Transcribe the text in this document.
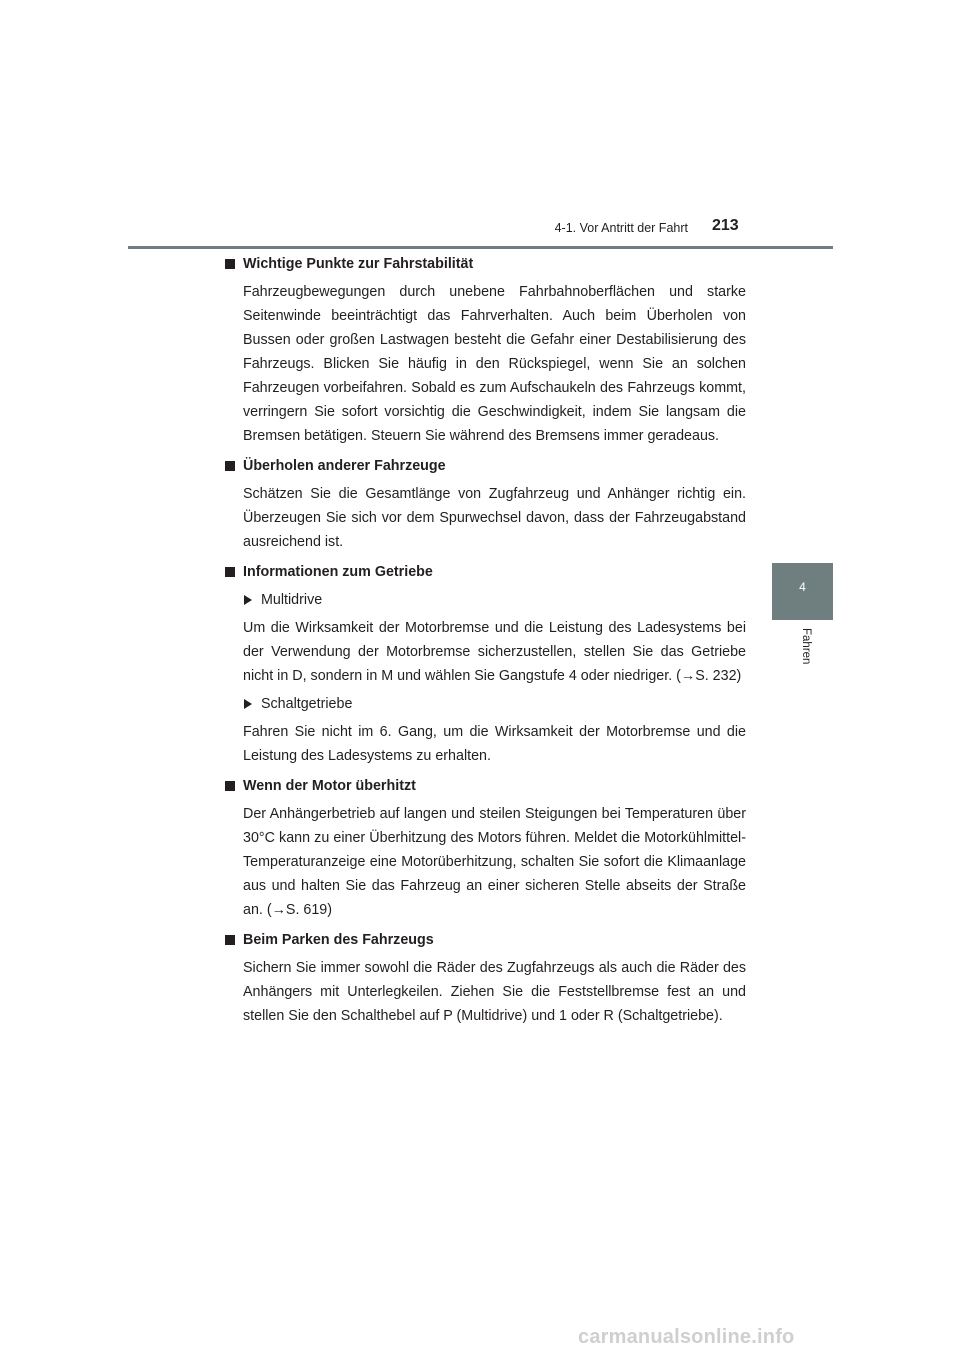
4-1. Vor Antritt der Fahrt 213
4
Fahren
Wichtige Punkte zur Fahrstabilität
Fahrzeugbewegungen durch unebene Fahrbahnoberflächen und starke Seitenwinde beeinträchtigt das Fahrverhalten. Auch beim Überholen von Bussen oder großen Lastwagen besteht die Gefahr einer Destabilisierung des Fahrzeugs. Blicken Sie häufig in den Rückspiegel, wenn Sie an solchen Fahrzeugen vorbeifahren. Sobald es zum Aufschaukeln des Fahrzeugs kommt, verringern Sie sofort vorsichtig die Geschwindigkeit, indem Sie langsam die Bremsen betätigen. Steuern Sie während des Bremsens immer geradeaus.
Überholen anderer Fahrzeuge
Schätzen Sie die Gesamtlänge von Zugfahrzeug und Anhänger richtig ein. Überzeugen Sie sich vor dem Spurwechsel davon, dass der Fahrzeugabstand ausreichend ist.
Informationen zum Getriebe
Multidrive
Um die Wirksamkeit der Motorbremse und die Leistung des Ladesystems bei der Verwendung der Motorbremse sicherzustellen, stellen Sie das Getriebe nicht in D, sondern in M und wählen Sie Gangstufe 4 oder niedriger. (→S. 232)
Schaltgetriebe
Fahren Sie nicht im 6. Gang, um die Wirksamkeit der Motorbremse und die Leistung des Ladesystems zu erhalten.
Wenn der Motor überhitzt
Der Anhängerbetrieb auf langen und steilen Steigungen bei Temperaturen über 30°C kann zu einer Überhitzung des Motors führen. Meldet die Motorkühlmittel-Temperaturanzeige eine Motorüberhitzung, schalten Sie sofort die Klimaanlage aus und halten Sie das Fahrzeug an einer sicheren Stelle abseits der Straße an. (→S. 619)
Beim Parken des Fahrzeugs
Sichern Sie immer sowohl die Räder des Zugfahrzeugs als auch die Räder des Anhängers mit Unterlegkeilen. Ziehen Sie die Feststellbremse fest an und stellen Sie den Schalthebel auf P (Multidrive) und 1 oder R (Schaltgetriebe).
carmanualsonline.info
